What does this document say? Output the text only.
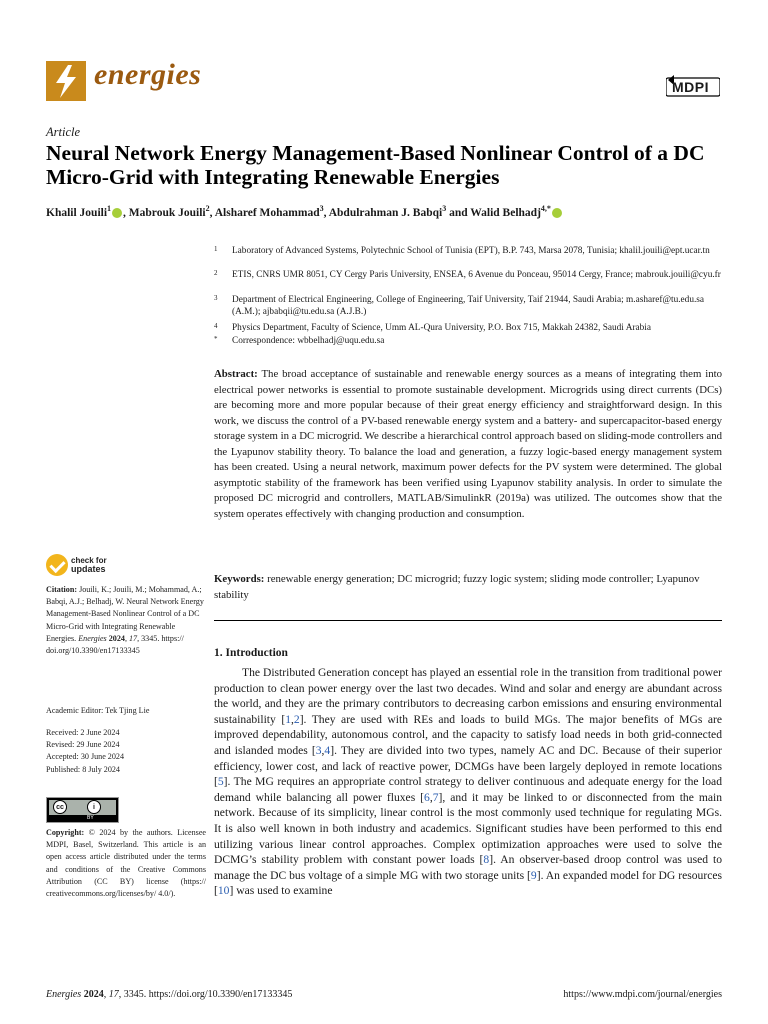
energies	MDPI
Article
Neural Network Energy Management-Based Nonlinear Control of a DC Micro-Grid with Integrating Renewable Energies
Khalil Jouili$^1$ , Mabrouk Jouili$^2$, Alsharef Mohammad$^3$, Abdulrahman J. Babqi$^3$ and Walid Belhadj$^{4,*}$
1 Laboratory of Advanced Systems, Polytechnic School of Tunisia (EPT), B.P. 743, Marsa 2078, Tunisia; khalil.jouili@ept.ucar.tn
2 ETIS, CNRS UMR 8051, CY Cergy Paris University, ENSEA, 6 Avenue du Ponceau, 95014 Cergy, France; mabrouk.jouili@cyu.fr
3 Department of Electrical Engineering, College of Engineering, Taif University, Taif 21944, Saudi Arabia; m.asharef@tu.edu.sa (A.M.); ajbabqii@tu.edu.sa (A.J.B.)
4 Physics Department, Faculty of Science, Umm AL-Qura University, P.O. Box 715, Makkah 24382, Saudi Arabia
* Correspondence: wbbelhadj@uqu.edu.sa
Abstract: The broad acceptance of sustainable and renewable energy sources as a means of integrating them into electrical power networks is essential to promote sustainable development. Microgrids using direct currents (DCs) are becoming more and more popular because of their great energy efficiency and straightforward design. In this work, we discuss the control of a PV-based renewable energy system and a battery- and supercapacitor-based energy storage system in a DC microgrid. We describe a hierarchical control approach based on sliding-mode controllers and the Lyapunov stability theory. To balance the load and generation, a fuzzy logic-based energy management system has been created. Using a neural network, maximum power defects for the PV system were determined. The global asymptotic stability of the framework has been verified using Lyapunov stability analysis. In order to simulate the proposed DC microgrid and controllers, MATLAB/SimulinkR (2019a) was utilized. The outcomes show that the system operates effectively with changing production and consumption.
Keywords: renewable energy generation; DC microgrid; fuzzy logic system; sliding mode controller; Lyapunov stability
1. Introduction
The Distributed Generation concept has played an essential role in the transition from traditional power production to clean power energy over the last two decades. Wind and solar and energy are abundant across the world, and they are the primary contributors to decreasing carbon emissions and ensuring environmental sustainability [1,2]. They are used with REs and loads to build MGs. The major benefits of MGs are improved dependability, autonomous control, and the capacity to satisfy load needs in both grid-connected and islanded modes [3,4]. They are divided into two types, namely AC and DC. Because of their superior efficiency, lower cost, and lack of reactive power, DCMGs have been largely deployed in remote locations [5]. The MG requires an appropriate control strategy to deliver continuous and adequate energy for the load demand while balancing all power fluxes [6,7], and it may be linked to or disconnected from the main network. Because of its simplicity, linear control is the most commonly used technique for regulating MGs. It is also well known in both industry and academics. Significant studies have been performed to this end utilizing various linear control approaches. Complex optimization approaches were used to solve the DCMG’s stability problem with constant power loads [8]. An observer-based droop control was used to manage the DC bus voltage of a simple MG with two storage units [9]. An expanded model for DG resources [10] was used to examine
check for
updates
Citation: Jouili, K.; Jouili, M.; Mohammad, A.; Babqi, A.J.; Belhadj, W. Neural Network Energy Management-Based Nonlinear Control of a DC Micro-Grid with Integrating Renewable Energies. Energies 2024, 17, 3345. https:// doi.org/10.3390/en17133345
Academic Editor: Tek Tjing Lie
Received: 2 June 2024
Revised: 29 June 2024
Accepted: 30 June 2024
Published: 8 July 2024
cc	i
BY
Copyright: © 2024 by the authors. Licensee MDPI, Basel, Switzerland. This article is an open access article distributed under the terms and conditions of the Creative Commons Attribution (CC BY) license (https:// creativecommons.org/licenses/by/ 4.0/).
Energies 2024, 17, 3345. https://doi.org/10.3390/en17133345	https://www.mdpi.com/journal/energies
